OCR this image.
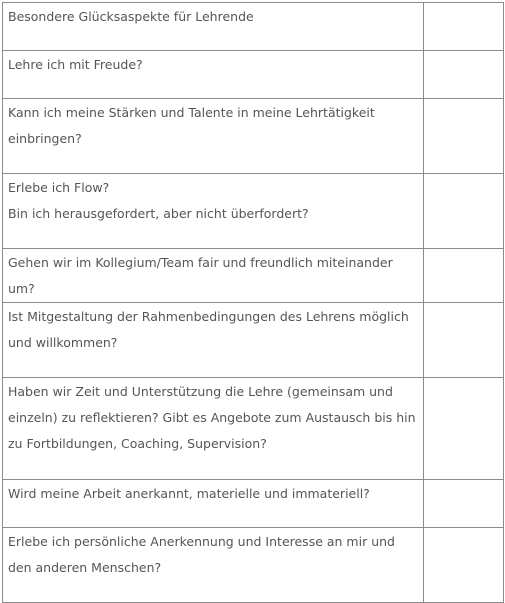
Besondere Glücksaspekte für Lehrende	

Lehre ich mit Freude?	

Kann ich meine Stärken und Talente in meine Lehrtätigkeit einbringen?	

Erlebe ich Flow?
Bin ich herausgefordert, aber nicht überfordert?	

Gehen wir im Kollegium/Team fair und freundlich miteinander um?	

Ist Mitgestaltung der Rahmenbedingungen des Lehrens möglich und willkommen?	

Haben wir Zeit und Unterstützung die Lehre (gemeinsam und einzeln) zu reflektieren? Gibt es Angebote zum Austausch bis hin zu Fortbildungen, Coaching, Supervision?	

Wird meine Arbeit anerkannt, materielle und immateriell?	

Erlebe ich persönliche Anerkennung und Interesse an mir und den anderen Menschen?	
